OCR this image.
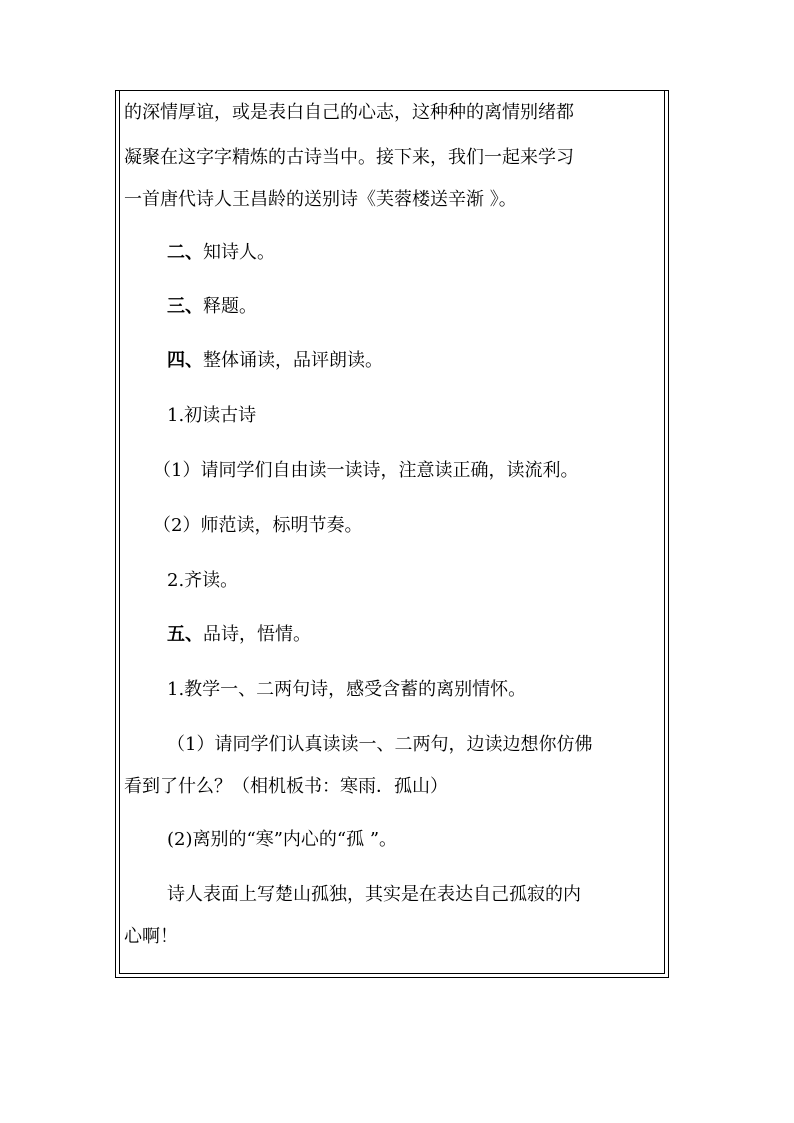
的深情厚谊，或是表白自己的心志，这种种的离情别绪都

凝聚在这字字精炼的古诗当中。接下来，我们一起来学习

一首唐代诗人王昌龄的送别诗《芙蓉楼送辛渐 》。

二、知诗人。

三、释题。

四、整体诵读，品评朗读。

1.初读古诗

（1）请同学们自由读一读诗，注意读正确，读流利。

（2）师范读，标明节奏。

2.齐读。

五、品诗，悟情。

1.教学一、二两句诗，感受含蓄的离别情怀。

（1）请同学们认真读读一、二两句，边读边想你仿佛

看到了什么？（相机板书：寒雨．孤山）

(2)离别的“寒”内心的“孤 ”。

诗人表面上写楚山孤独，其实是在表达自己孤寂的内

心啊！
